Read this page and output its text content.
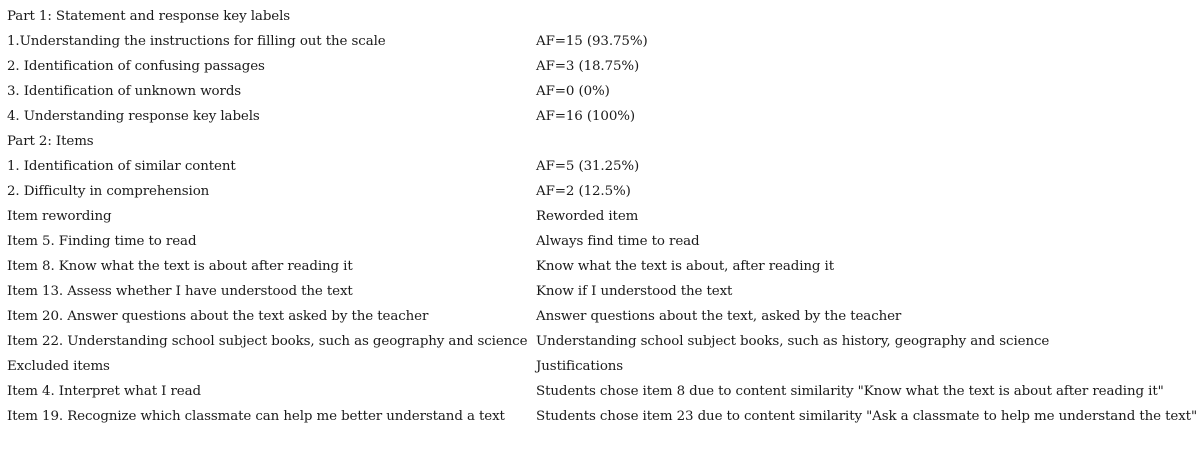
Part 1: Statement and response key labels	
1.Understanding the instructions for filling out the scale	AF=15 (93.75%)
2. Identification of confusing passages	AF=3 (18.75%)
3. Identification of unknown words	AF=0 (0%)
4. Understanding response key labels	AF=16 (100%)
Part 2: Items	
1. Identification of similar content	AF=5 (31.25%)
2. Difficulty in comprehension	AF=2 (12.5%)
Item rewording	Reworded item
Item 5. Finding time to read	Always find time to read
Item 8. Know what the text is about after reading it	Know what the text is about, after reading it
Item 13. Assess whether I have understood the text	Know if I understood the text
Item 20. Answer questions about the text asked by the teacher	Answer questions about the text, asked by the teacher
Item 22. Understanding school subject books, such as geography and science	Understanding school subject books, such as history, geography and science
Excluded items	Justifications
Item 4. Interpret what I read	Students chose item 8 due to content similarity "Know what the text is about after reading it"
Item 19. Recognize which classmate can help me better understand a text	Students chose item 23 due to content similarity "Ask a classmate to help me understand the text"
